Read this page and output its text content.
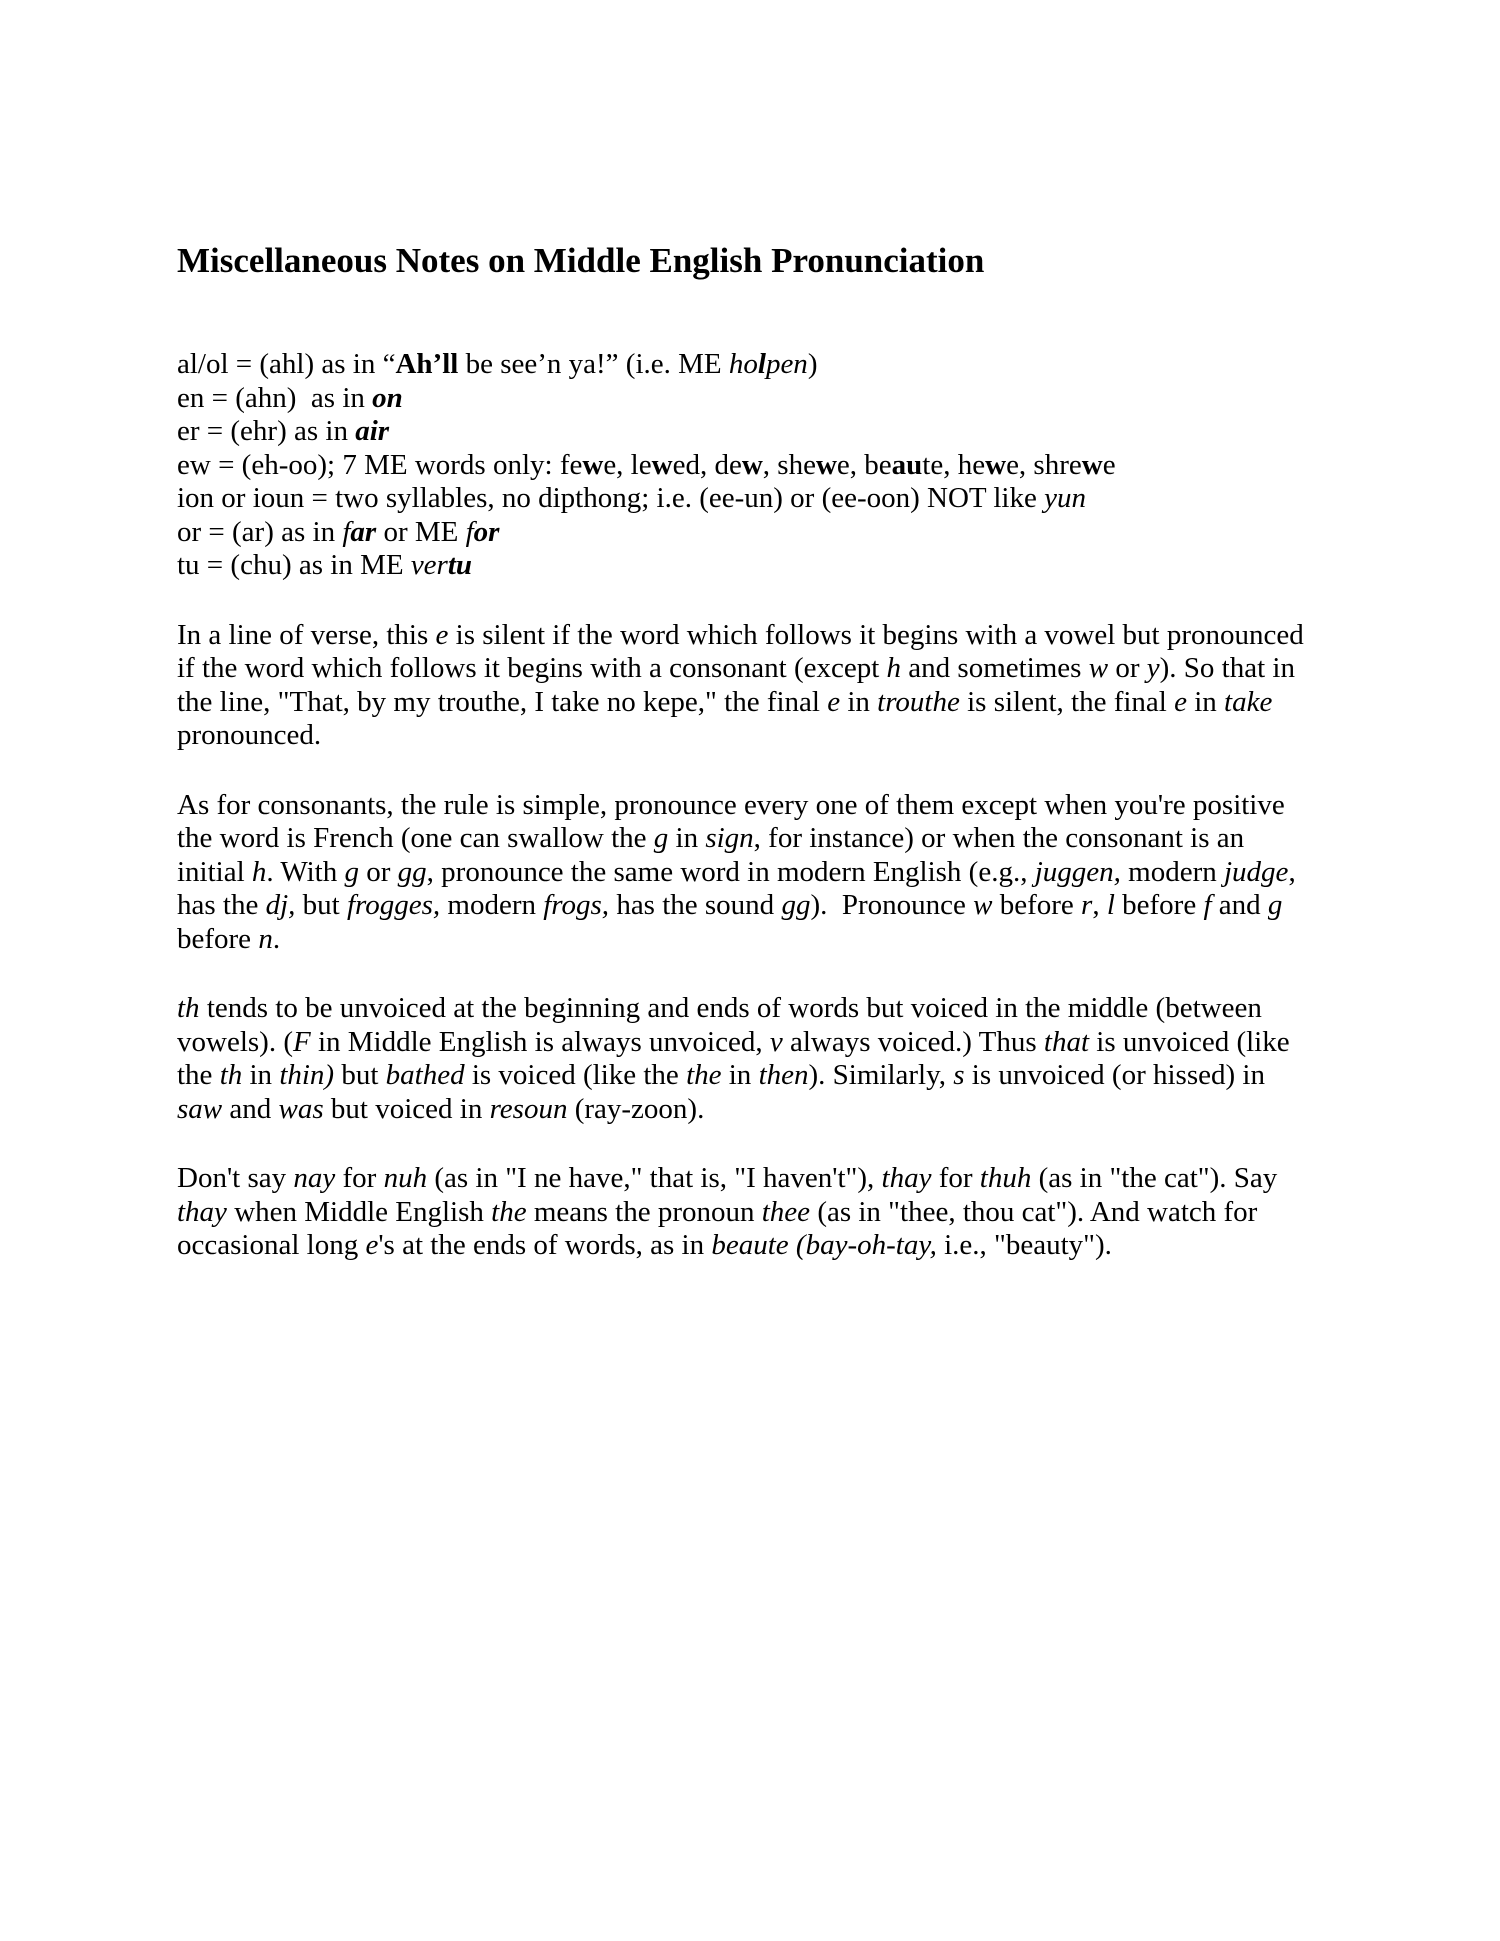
Miscellaneous Notes on Middle English Pronunciation
al/ol = (ahl) as in “Ah’ll be see’n ya!” (i.e. ME holpen)
en = (ahn)  as in on
er = (ehr) as in air
ew = (eh-oo); 7 ME words only: fewe, lewed, dew, shewe, beaute, hewe, shrewe
ion or ioun = two syllables, no dipthong; i.e. (ee-un) or (ee-oon) NOT like yun
or = (ar) as in far or ME for
tu = (chu) as in ME vertu
In a line of verse, this e is silent if the word which follows it begins with a vowel but pronounced
if the word which follows it begins with a consonant (except h and sometimes w or y). So that in
the line, "That, by my trouthe, I take no kepe," the final e in trouthe is silent, the final e in take
pronounced.
As for consonants, the rule is simple, pronounce every one of them except when you're positive
the word is French (one can swallow the g in sign, for instance) or when the consonant is an
initial h. With g or gg, pronounce the same word in modern English (e.g., juggen, modern judge,
has the dj, but frogges, modern frogs, has the sound gg).  Pronounce w before r, l before f and g
before n.
th tends to be unvoiced at the beginning and ends of words but voiced in the middle (between
vowels). (F in Middle English is always unvoiced, v always voiced.) Thus that is unvoiced (like
the th in thin) but bathed is voiced (like the the in then). Similarly, s is unvoiced (or hissed) in
saw and was but voiced in resoun (ray-zoon).
Don't say nay for nuh (as in "I ne have," that is, "I haven't"), thay for thuh (as in "the cat"). Say
thay when Middle English the means the pronoun thee (as in "thee, thou cat"). And watch for
occasional long e's at the ends of words, as in beaute (bay-oh-tay, i.e., "beauty").
